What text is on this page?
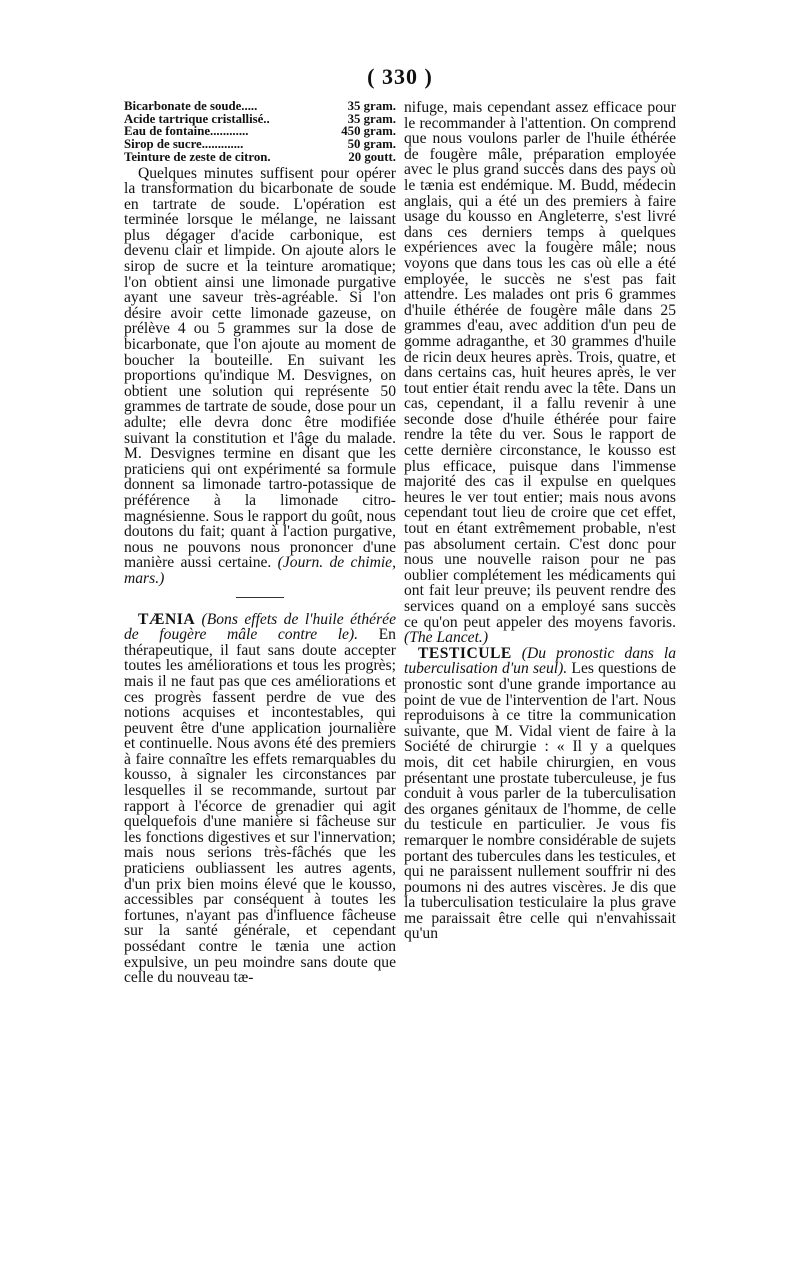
( 330 )
Bicarbonate de soude.....	35 gram.
Acide tartrique cristallisé..	35 gram.
Eau de fontaine............	450 gram.
Sirop de sucre.............	50 gram.
Teinture de zeste de citron.	20 goutt.

Quelques minutes suffisent pour opérer la transformation du bicarbonate de soude en tartrate de soude. L'opération est terminée lorsque le mélange, ne laissant plus dégager d'acide carbonique, est devenu clair et limpide. On ajoute alors le sirop de sucre et la teinture aromatique; l'on obtient ainsi une limonade purgative ayant une saveur très-agréable. Si l'on désire avoir cette limonade gazeuse, on prélève 4 ou 5 grammes sur la dose de bicarbonate, que l'on ajoute au moment de boucher la bouteille. En suivant les proportions qu'indique M. Desvignes, on obtient une solution qui représente 50 grammes de tartrate de soude, dose pour un adulte; elle devra donc être modifiée suivant la constitution et l'âge du malade. M. Desvignes termine en disant que les praticiens qui ont expérimenté sa formule donnent sa limonade tartro-potassique de préférence à la limonade citro-magnésienne. Sous le rapport du goût, nous doutons du fait; quant à l'action purgative, nous ne pouvons nous prononcer d'une manière aussi certaine. (Journ. de chimie, mars.)

TÆNIA (Bons effets de l'huile éthérée de fougère mâle contre le). En thérapeutique, il faut sans doute accepter toutes les améliorations et tous les progrès; mais il ne faut pas que ces améliorations et ces progrès fassent perdre de vue des notions acquises et incontestables, qui peuvent être d'une application journalière et continuelle. Nous avons été des premiers à faire connaître les effets remarquables du kousso, à signaler les circonstances par lesquelles il se recommande, surtout par rapport à l'écorce de grenadier qui agit quelquefois d'une manière si fâcheuse sur les fonctions digestives et sur l'innervation; mais nous serions très-fâchés que les praticiens oubliassent les autres agents, d'un prix bien moins élevé que le kousso, accessibles par conséquent à toutes les fortunes, n'ayant pas d'influence fâcheuse sur la santé générale, et cependant possédant contre le tænia une action expulsive, un peu moindre sans doute que celle du nouveau tæ-

nifuge, mais cependant assez efficace pour le recommander à l'attention. On comprend que nous voulons parler de l'huile éthérée de fougère mâle, préparation employée avec le plus grand succès dans des pays où le tænia est endémique. M. Budd, médecin anglais, qui a été un des premiers à faire usage du kousso en Angleterre, s'est livré dans ces derniers temps à quelques expériences avec la fougère mâle; nous voyons que dans tous les cas où elle a été employée, le succès ne s'est pas fait attendre. Les malades ont pris 6 grammes d'huile éthérée de fougère mâle dans 25 grammes d'eau, avec addition d'un peu de gomme adraganthe, et 30 grammes d'huile de ricin deux heures après. Trois, quatre, et dans certains cas, huit heures après, le ver tout entier était rendu avec la tête. Dans un cas, cependant, il a fallu revenir à une seconde dose d'huile éthérée pour faire rendre la tête du ver. Sous le rapport de cette dernière circonstance, le kousso est plus efficace, puisque dans l'immense majorité des cas il expulse en quelques heures le ver tout entier; mais nous avons cependant tout lieu de croire que cet effet, tout en étant extrêmement probable, n'est pas absolument certain. C'est donc pour nous une nouvelle raison pour ne pas oublier complétement les médicaments qui ont fait leur preuve; ils peuvent rendre des services quand on a employé sans succès ce qu'on peut appeler des moyens favoris. (The Lancet.)

TESTICULE (Du pronostic dans la tuberculisation d'un seul). Les questions de pronostic sont d'une grande importance au point de vue de l'intervention de l'art. Nous reproduisons à ce titre la communication suivante, que M. Vidal vient de faire à la Société de chirurgie : « Il y a quelques mois, dit cet habile chirurgien, en vous présentant une prostate tuberculeuse, je fus conduit à vous parler de la tuberculisation des organes génitaux de l'homme, de celle du testicule en particulier. Je vous fis remarquer le nombre considérable de sujets portant des tubercules dans les testicules, et qui ne paraissent nullement souffrir ni des poumons ni des autres viscères. Je dis que la tuberculisation testiculaire la plus grave me paraissait être celle qui n'envahissait qu'un
